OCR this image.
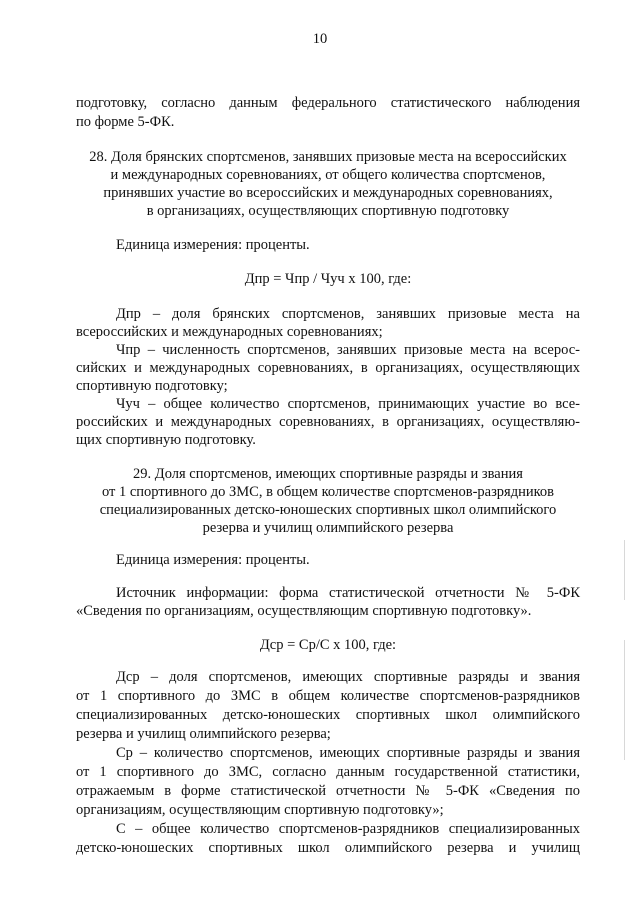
10
подготовку, согласно данным федерального статистического наблюдения
по форме 5-ФК.
28. Доля брянских спортсменов, занявших призовые места на всероссийских
и международных соревнованиях, от общего количества спортсменов,
принявших участие во всероссийских и международных соревнованиях,
в организациях, осуществляющих спортивную подготовку
Единица измерения: проценты.
Дпр = Чпр / Чуч х 100, где:
Дпр – доля брянских спортсменов, занявших призовые места на
всероссийских и международных соревнованиях;
Чпр – численность спортсменов, занявших призовые места на всерос-
сийских и международных соревнованиях, в организациях, осуществляющих
спортивную подготовку;
Чуч – общее количество спортсменов, принимающих участие во все-
российских и международных соревнованиях, в организациях, осуществляю-
щих спортивную подготовку.
29. Доля спортсменов, имеющих спортивные разряды и звания
от 1 спортивного до ЗМС, в общем количестве спортсменов-разрядников
специализированных детско-юношеских спортивных школ олимпийского
резерва и училищ олимпийского резерва
Единица измерения: проценты.
Источник информации: форма статистической отчетности № 5-ФК
«Сведения по организациям, осуществляющим спортивную подготовку».
Дср = Ср/С х 100, где:
Дср – доля спортсменов, имеющих спортивные разряды и звания
от 1 спортивного до ЗМС в общем количестве спортсменов-разрядников
специализированных детско-юношеских спортивных школ олимпийского
резерва и училищ олимпийского резерва;
Ср – количество спортсменов, имеющих спортивные разряды и звания
от 1 спортивного до ЗМС, согласно данным государственной статистики,
отражаемым в форме статистической отчетности № 5-ФК «Сведения по
организациям, осуществляющим спортивную подготовку»;
С – общее количество спортсменов-разрядников специализированных
детско-юношеских спортивных школ олимпийского резерва и училищ
